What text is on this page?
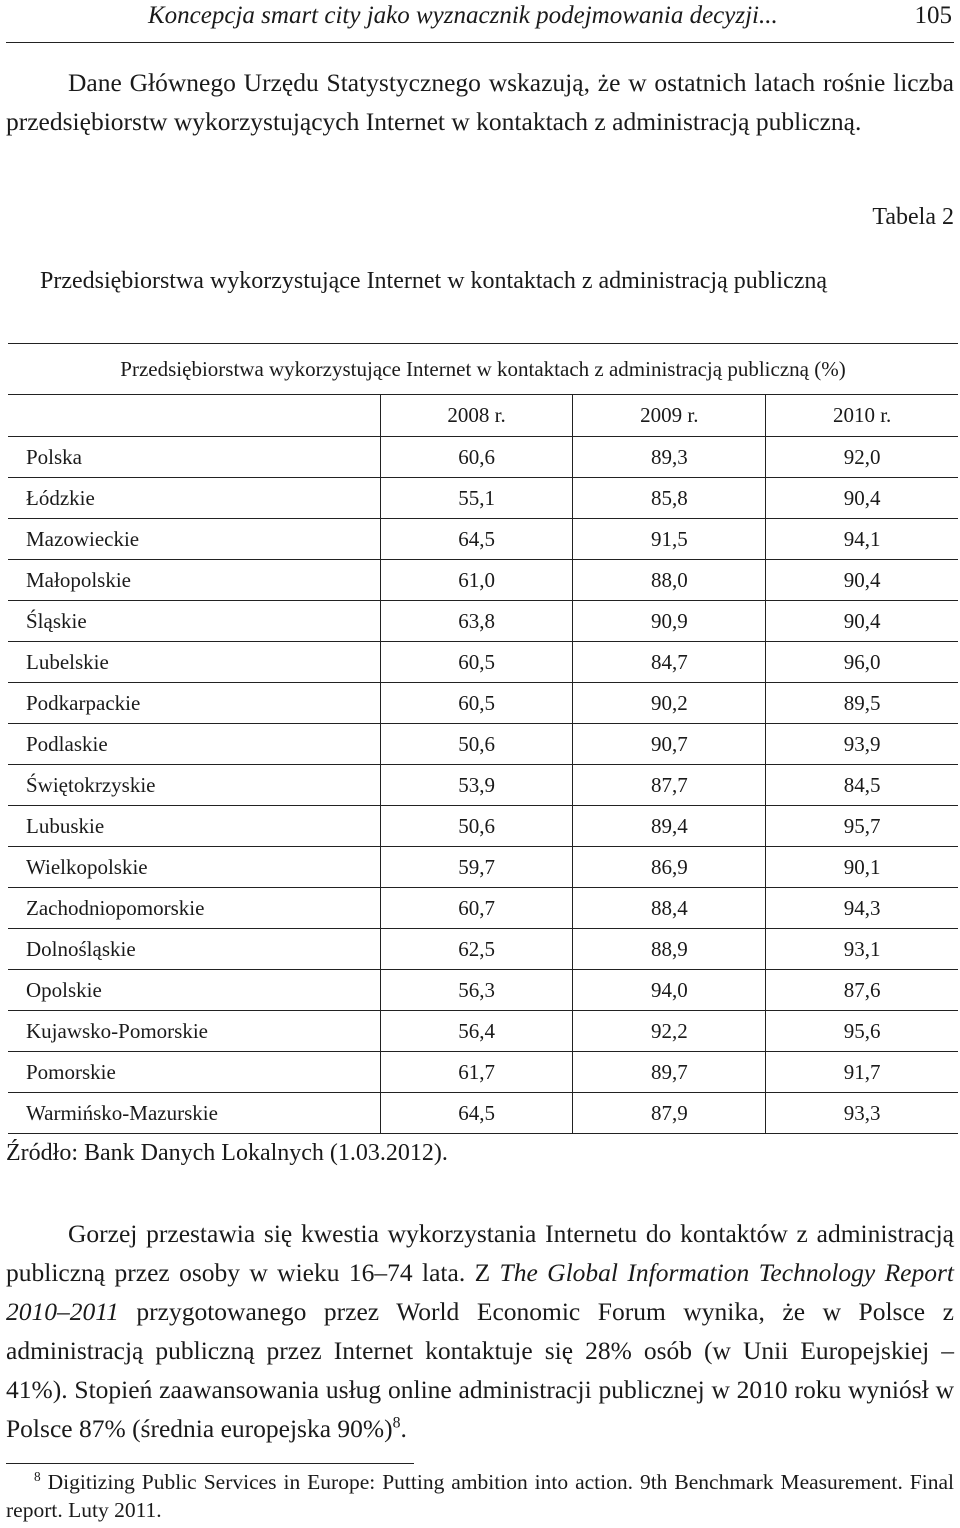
Koncepcja smart city jako wyznacznik podejmowania decyzji...	105
Dane Głównego Urzędu Statystycznego wskazują, że w ostatnich latach rośnie liczba przedsiębiorstw wykorzystujących Internet w kontaktach z administracją publiczną.
Tabela 2
Przedsiębiorstwa wykorzystujące Internet w kontaktach z administracją publiczną
Przedsiębiorstwa wykorzystujące Internet w kontaktach z administracją publiczną (%)			
	2008 r.	2009 r.	2010 r.
Polska	60,6	89,3	92,0
Łódzkie	55,1	85,8	90,4
Mazowieckie	64,5	91,5	94,1
Małopolskie	61,0	88,0	90,4
Śląskie	63,8	90,9	90,4
Lubelskie	60,5	84,7	96,0
Podkarpackie	60,5	90,2	89,5
Podlaskie	50,6	90,7	93,9
Świętokrzyskie	53,9	87,7	84,5
Lubuskie	50,6	89,4	95,7
Wielkopolskie	59,7	86,9	90,1
Zachodniopomorskie	60,7	88,4	94,3
Dolnośląskie	62,5	88,9	93,1
Opolskie	56,3	94,0	87,6
Kujawsko-Pomorskie	56,4	92,2	95,6
Pomorskie	61,7	89,7	91,7
Warmińsko-Mazurskie	64,5	87,9	93,3
Źródło: Bank Danych Lokalnych (1.03.2012).
Gorzej przestawia się kwestia wykorzystania Internetu do kontaktów z administracją publiczną przez osoby w wieku 16–74 lata. Z The Global Information Technology Report 2010–2011 przygotowanego przez World Economic Forum wynika, że w Polsce z administracją publiczną przez Internet kontaktuje się 28% osób (w Unii Europejskiej – 41%). Stopień zaawansowania usług online administracji publicznej w 2010 roku wyniósł w Polsce 87% (średnia europejska 90%)$^8$.
$^8$ Digitizing Public Services in Europe: Putting ambition into action. 9th Benchmark Measurement. Final report. Luty 2011.
